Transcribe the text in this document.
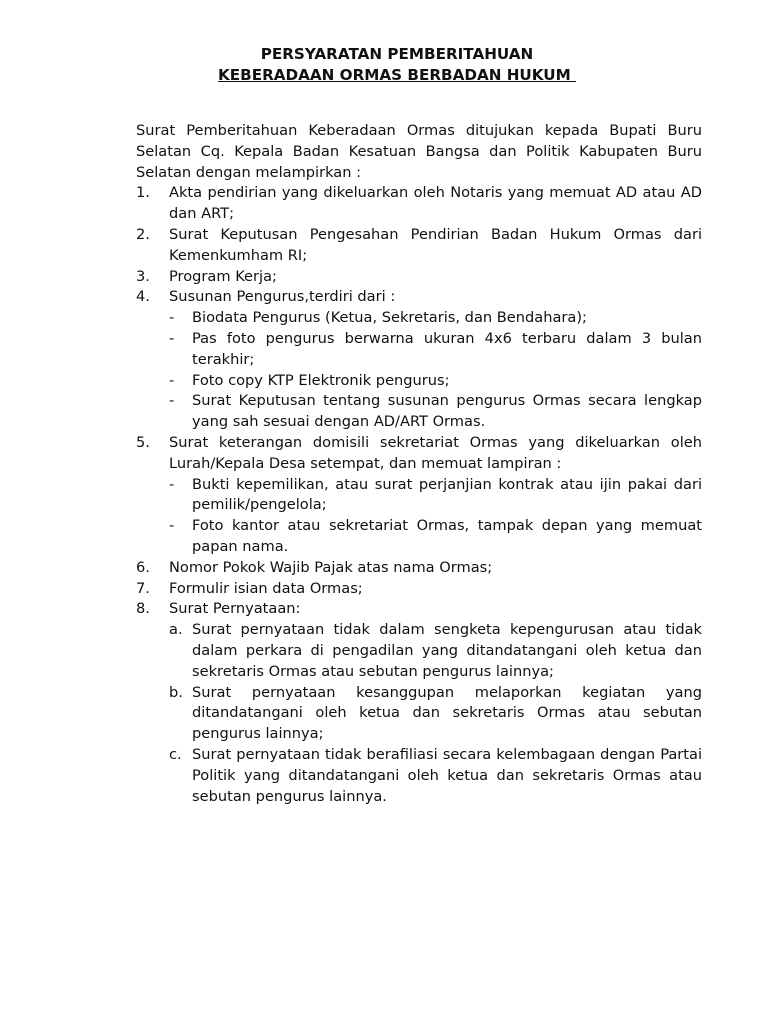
PERSYARATAN PEMBERITAHUAN
KEBERADAAN ORMAS BERBADAN HUKUM

Surat Pemberitahuan Keberadaan Ormas ditujukan kepada Bupati Buru Selatan Cq. Kepala Badan Kesatuan Bangsa dan Politik Kabupaten Buru Selatan dengan melampirkan :

1. Akta pendirian yang dikeluarkan oleh Notaris yang memuat AD atau AD dan ART;
2. Surat Keputusan Pengesahan Pendirian Badan Hukum Ormas dari Kemenkumham RI;
3. Program Kerja;
4. Susunan Pengurus,terdiri dari :
- Biodata Pengurus (Ketua, Sekretaris, dan Bendahara);
- Pas foto pengurus berwarna ukuran 4x6 terbaru dalam 3 bulan terakhir;
- Foto copy KTP Elektronik pengurus;
- Surat Keputusan tentang susunan pengurus Ormas secara lengkap yang sah sesuai dengan AD/ART Ormas.
5. Surat keterangan domisili sekretariat Ormas yang dikeluarkan oleh Lurah/Kepala Desa setempat, dan memuat lampiran :
- Bukti kepemilikan, atau surat perjanjian kontrak atau ijin pakai dari pemilik/pengelola;
- Foto kantor atau sekretariat Ormas, tampak depan yang memuat papan nama.
6. Nomor Pokok Wajib Pajak atas nama Ormas;
7. Formulir isian data Ormas;
8. Surat Pernyataan:
a. Surat pernyataan tidak dalam sengketa kepengurusan atau tidak dalam perkara di pengadilan yang ditandatangani oleh ketua dan sekretaris Ormas atau sebutan pengurus lainnya;
b. Surat pernyataan kesanggupan melaporkan kegiatan yang ditandatangani oleh ketua dan sekretaris Ormas atau sebutan pengurus lainnya;
c. Surat pernyataan tidak berafiliasi secara kelembagaan dengan Partai Politik yang ditandatangani oleh ketua dan sekretaris Ormas atau sebutan pengurus lainnya.
